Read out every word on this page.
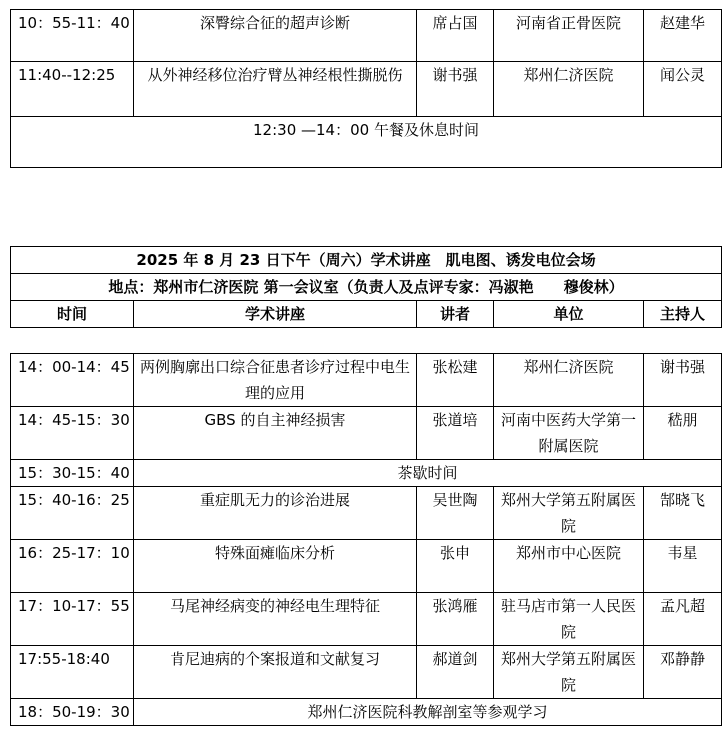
10：55-11：40	深臀综合征的超声诊断	席占国	河南省正骨医院	赵建华
11:40--12:25	从外神经移位治疗臂丛神经根性撕脱伤	谢书强	郑州仁济医院	闻公灵
12:30 —14：00 午餐及休息时间				
2025 年 8 月 23 日下午（周六）学术讲座　肌电图、诱发电位会场
地点：郑州市仁济医院 第一会议室（负责人及点评专家：冯淑艳　　穆俊林）
时间	学术讲座	讲者	单位	主持人
14：00-14：45	两例胸廓出口综合征患者诊疗过程中电生理的应用	张松建	郑州仁济医院	谢书强
14：45-15：30	GBS 的自主神经损害	张道培	河南中医药大学第一附属医院	嵇朋
15：30-15：40	茶歇时间			
15：40-16：25	重症肌无力的诊治进展	吴世陶	郑州大学第五附属医院	郜晓飞
16：25-17：10	特殊面瘫临床分析	张申	郑州市中心医院	韦星
17：10-17：55	马尾神经病变的神经电生理特征	张鸿雁	驻马店市第一人民医院	孟凡超
17:55-18:40	肯尼迪病的个案报道和文献复习	郝道剑	郑州大学第五附属医院	邓静静
18：50-19：30	郑州仁济医院科教解剖室等参观学习			
